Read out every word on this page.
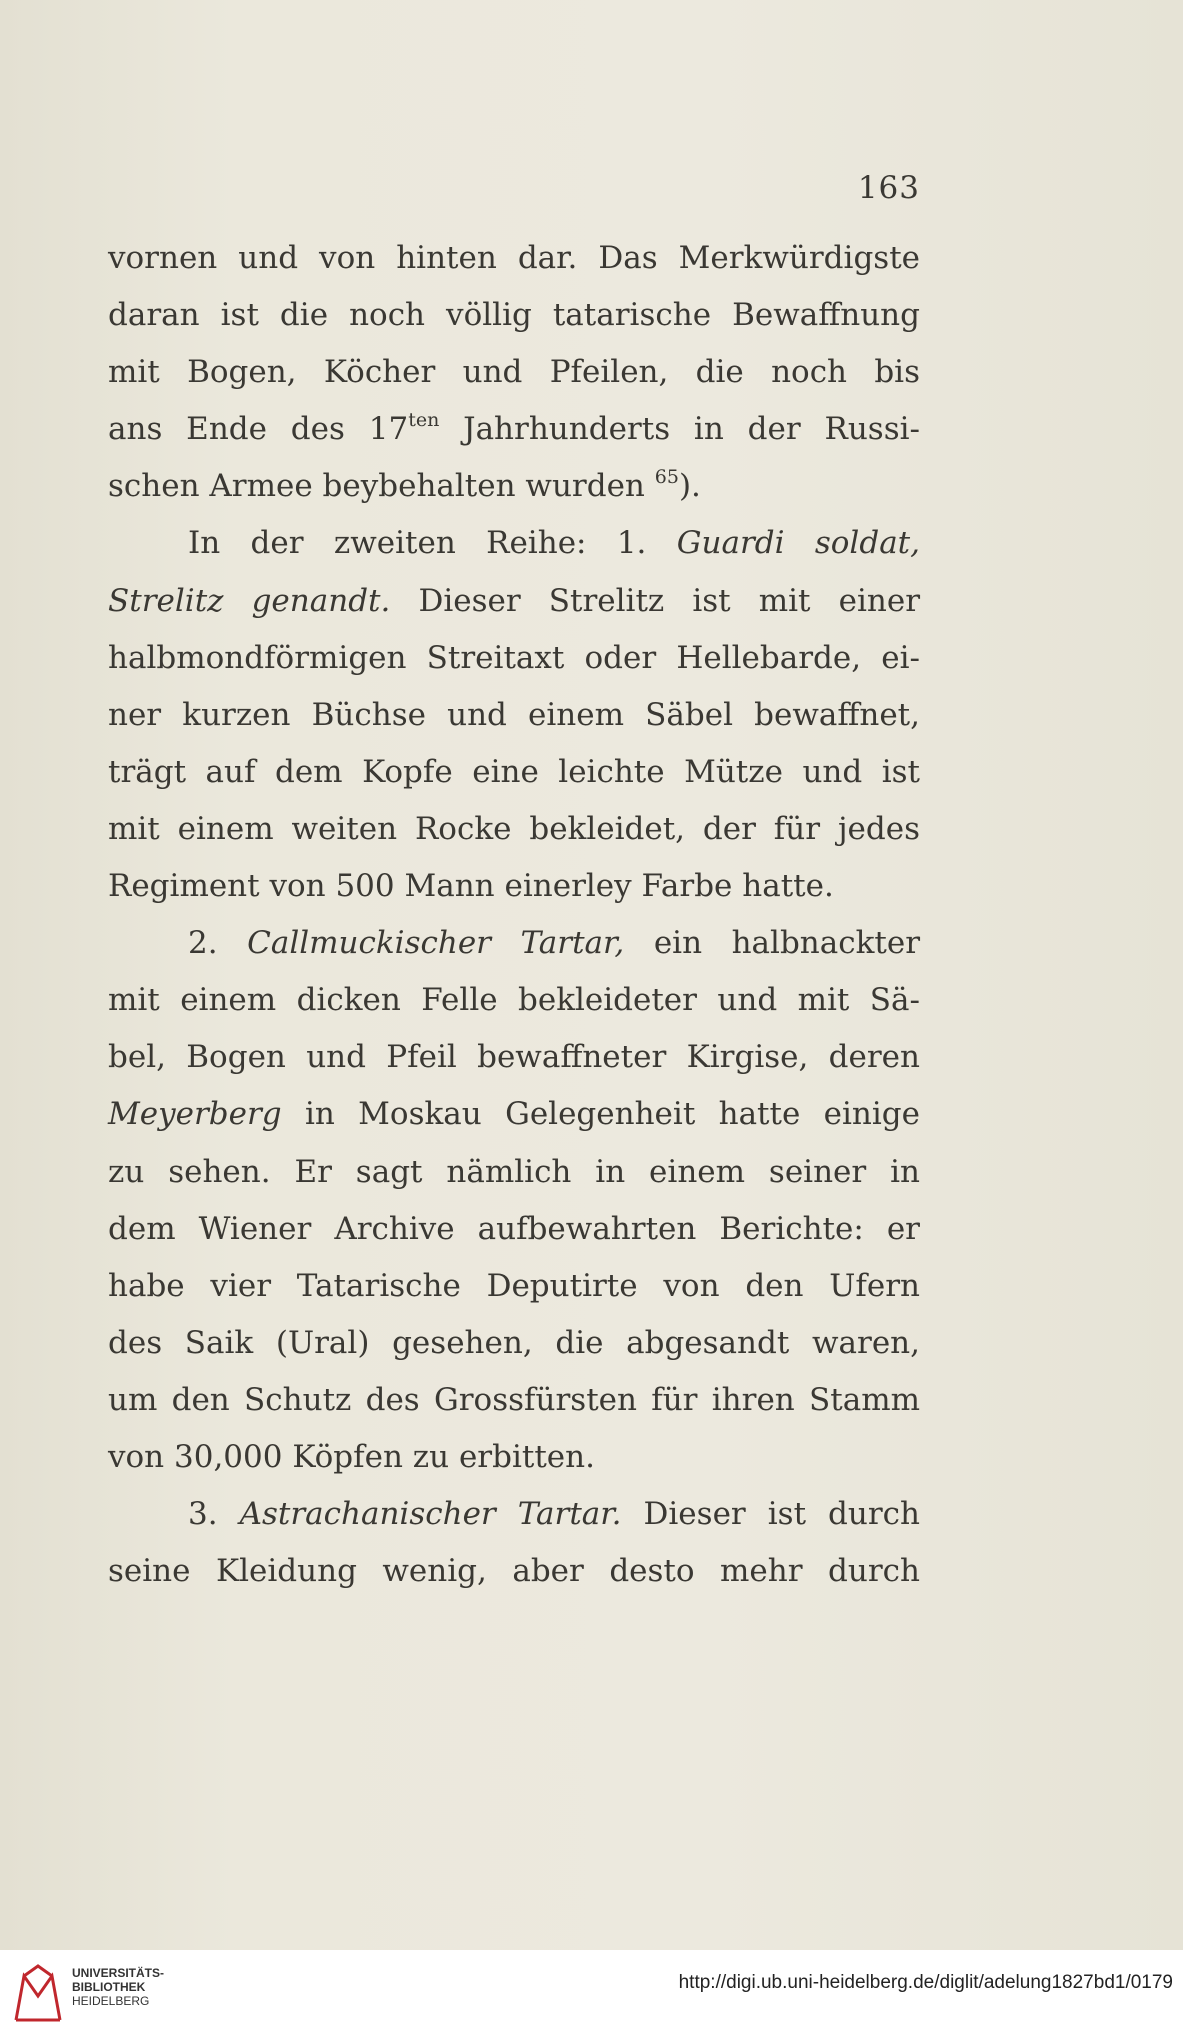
163
vornen und von hinten dar. Das Merkwürdigste
daran ist die noch völlig tatarische Bewaffnung
mit Bogen, Köcher und Pfeilen, die noch bis
ans Ende des $17^{ten}$ Jahrhunderts in der Russi-
schen Armee beybehalten wurden $^{65}$).
In der zweiten Reihe: 1. Guardi soldat,
Strelitz genandt. Dieser Strelitz ist mit einer
halbmondförmigen Streitaxt oder Hellebarde, ei-
ner kurzen Büchse und einem Säbel bewaffnet,
trägt auf dem Kopfe eine leichte Mütze und ist
mit einem weiten Rocke bekleidet, der für jedes
Regiment von 500 Mann einerley Farbe hatte.
2. Callmuckischer Tartar, ein halbnackter
mit einem dicken Felle bekleideter und mit Sä-
bel, Bogen und Pfeil bewaffneter Kirgise, deren
Meyerberg in Moskau Gelegenheit hatte einige
zu sehen. Er sagt nämlich in einem seiner in
dem Wiener Archive aufbewahrten Berichte: er
habe vier Tatarische Deputirte von den Ufern
des Saik (Ural) gesehen, die abgesandt waren,
um den Schutz des Grossfürsten für ihren Stamm
von 30,000 Köpfen zu erbitten.
3. Astrachanischer Tartar. Dieser ist durch
seine Kleidung wenig, aber desto mehr durch
UNIVERSITÄTS-
BIBLIOTHEK
HEIDELBERG
http://digi.ub.uni-heidelberg.de/diglit/adelung1827bd1/0179
